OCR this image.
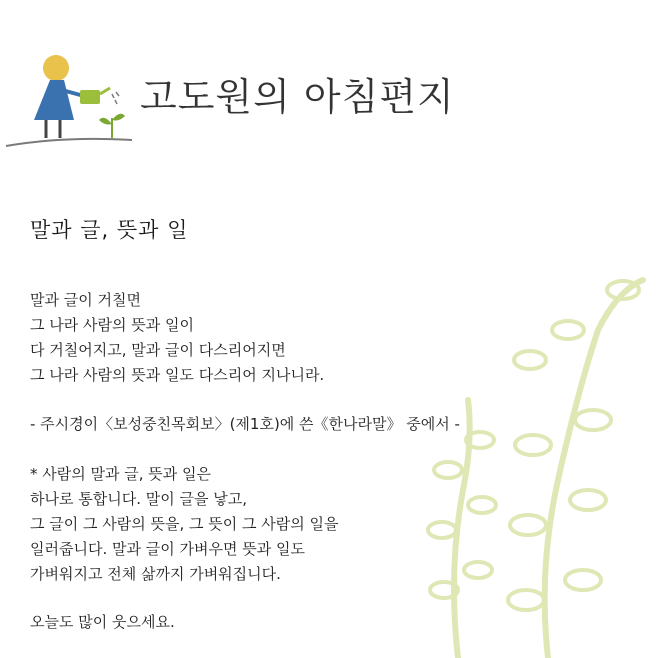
고도원의 아침편지
말과 글, 뜻과 일

말과 글이 거칠면
그 나라 사람의 뜻과 일이
다 거칠어지고, 말과 글이 다스리어지면
그 나라 사람의 뜻과 일도 다스리어 지나니라.

- 주시경이〈보성중친목회보〉(제1호)에 쓴《한나라말》 중에서 -

* 사람의 말과 글, 뜻과 일은
하나로 통합니다. 말이 글을 낳고,
그 글이 그 사람의 뜻을, 그 뜻이 그 사람의 일을
일러줍니다. 말과 글이 가벼우면 뜻과 일도
가벼워지고 전체 삶까지 가벼워집니다.

오늘도 많이 웃으세요.
